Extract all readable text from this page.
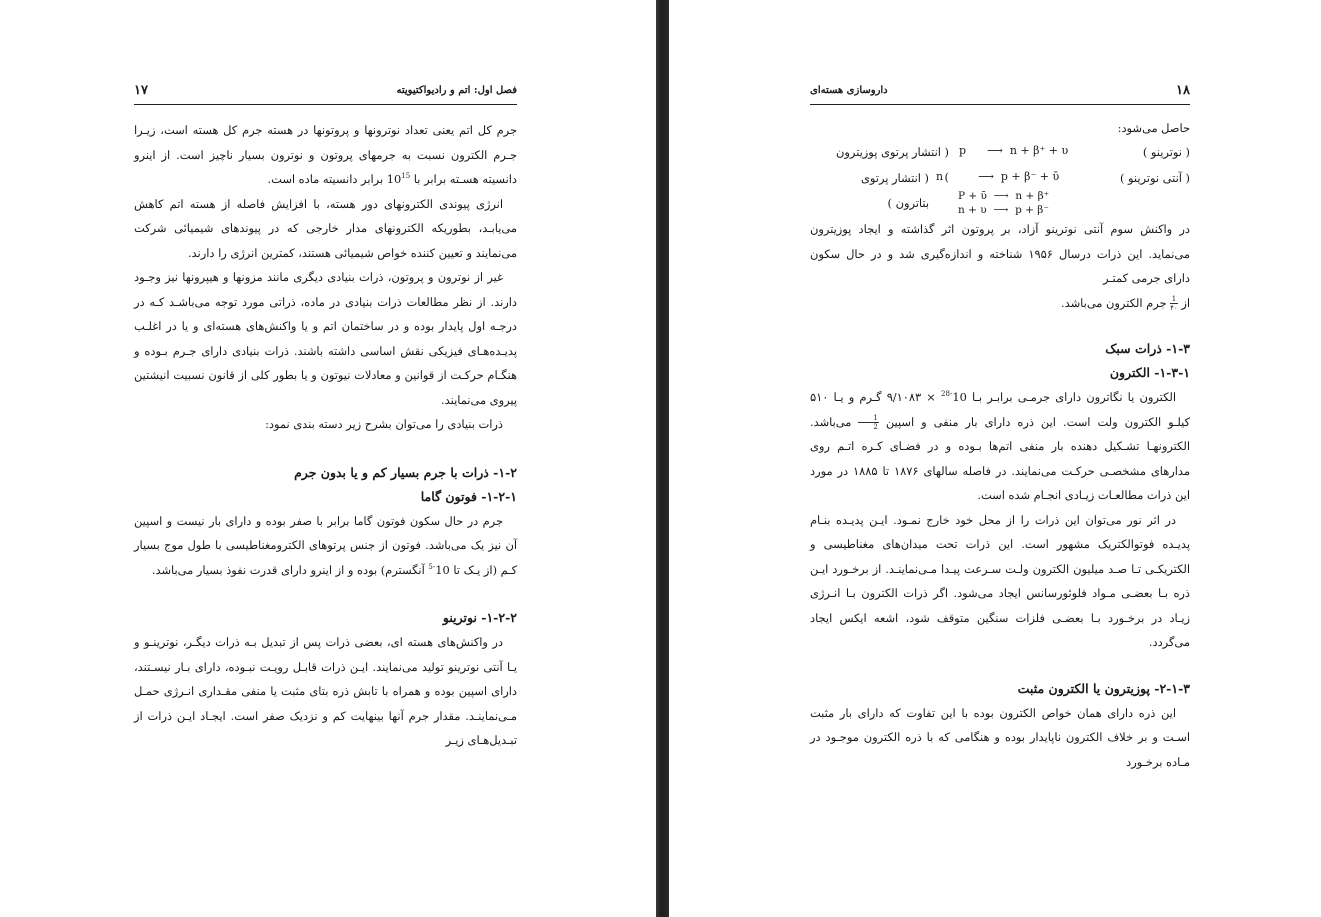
۱۷	فصل اول: اتم و رادیواکتیویته

جرم کل اتم یعنی تعداد نوترونها و پروتونها در هسته جرم کل هسته است، زیـرا جـرم الکترون نسبت به جرمهای پروتون و نوترون بسیار ناچیز است. از اینرو دانسیته هسـته برابر با $10^{15}$ برابر دانسیته ماده است.

انرژی پیوندی الکترونهای دور هسته، با افزایش فاصله از هسته اتم کاهش می‌یابـد، بطوریکه الکترونهای مدار خارجی که در پیوندهای شیمیائی شرکت می‌نمایند و تعیین کننده خواص شیمیائی هستند، کمترین انرژی را دارند.

غیر از نوترون و پروتون، ذرات بنیادی دیگری مانند مزونها و هیپرونها نیز وجـود دارند. از نظر مطالعات ذرات بنیادی در ماده، ذراتی مورد توجه می‌باشـد کـه در درجـه اول پایدار بوده و در ساختمان اتم و یا واکنش‌های هسته‌ای و یا در اغلـب پدیـده‌هـای فیزیکی نقش اساسی داشته باشند. ذرات بنیادی دارای جـرم بـوده و هنگـام حرکـت از قوانین و معادلات نیوتون و یا بطور کلی از قانون نسبیت انیشتین پیروی می‌نمایند.

ذرات بنیادی را می‌توان بشرح زیر دسته بندی نمود:

۱-۲- ذرات با جرم بسیار کم و یا بدون جرم

۱-۲-۱- فوتون گاما

جرم در حال سکون فوتون گاما برابر با صفر بوده و دارای بار نیست و اسپین آن نیز یک می‌باشد. فوتون از جنس پرتوهای الکترومغناطیسی با طول موج بسیار کـم (از یـک تا $10^{-5}$ آنگسترم) بوده و از اینرو دارای قدرت نفوذ بسیار می‌باشد.

۱-۲-۲- نوترینو

در واکنش‌های هسته ای، بعضی ذرات پس از تبدیل بـه ذرات دیگـر، نوترینـو و یـا آنتی نوترینو تولید می‌نمایند. ایـن ذرات قابـل رویـت نبـوده، دارای بـار نیسـتند، دارای اسپین بوده و همراه با تابش ذره بتای مثبت یا منفی مقـداری انـرژی حمـل مـی‌نماینـد. مقدار جرم آنها بینهایت کم و نزدیک صفر است. ایجـاد ایـن ذرات از تبـدیل‌هـای زیـر

۱۸
داروسازی هسته‌ای
حاصل می‌شود:
p ⟶ n + β⁺ + υ
( انتشار پرتوی پوزیترون )
( نوترینو )
n	⟶ p + β⁻ + ῡ
( انتشار پرتوی بتاترون )
( آنتی نوترینو )
P + ῡ ⟶ n + β⁺
n + υ ⟶ p + β⁻

در واکنش سوم آنتی نوترینو آزاد، بر پروتون اثر گذاشته و ایجاد پوزیترون می‌نماید. این ذرات درسال ۱۹۵۶ شناخته و اندازه‌گیری شد و در حال سکون دارای جرمی کمتـر

از
$\frac{1}{۴۰}$
جرم الکترون می‌باشد.

۱-۳- ذرات سبک

۱-۳-۱- الکترون

الکترون یا نگاترون دارای جرمـی برابـر بـا $10^{-28}$ × ۹/۱۰۸۳ گـرم و یـا ۵۱۰ کیلـو الکترون ولت است. این ذره دارای بار منفی و اسپین
$\frac{1}{2}$
می‌باشد. الکترونهـا تشـکیل دهنده بار منفی اتم‌ها بـوده و در فضـای کـره اتـم روی مدارهای مشخصـی حرکـت می‌نمایند. در فاصله سالهای ۱۸۷۶ تا ۱۸۸۵ در مورد این ذرات مطالعـات زیـادی انجـام شده است.

در اثر نور می‌توان این ذرات را از محل خود خارج نمـود. ایـن پدیـده بنـام پدیـده فوتوالکتریک مشهور است. این ذرات تحت میدان‌های مغناطیسی و الکتریکـی تـا صـد میلیون الکترون ولـت سـرعت پیـدا مـی‌نماینـد. از برخـورد ایـن ذره بـا بعضـی مـواد فلوئورسانس ایجاد می‌شود. اگر ذرات الکترون بـا انـرژی زیـاد در برخـورد بـا بعضـی فلزات سنگین متوقف شود، اشعه ایکس ایجاد می‌گردد.

۲-۱-۳- پوزیترون یا الکترون مثبت

این ذره دارای همان خواص الکترون بوده با این تفاوت که دارای بار مثبت اسـت و بر خلاف الکترون ناپایدار بوده و هنگامی که با ذره الکترون موجـود در مـاده برخـورد
